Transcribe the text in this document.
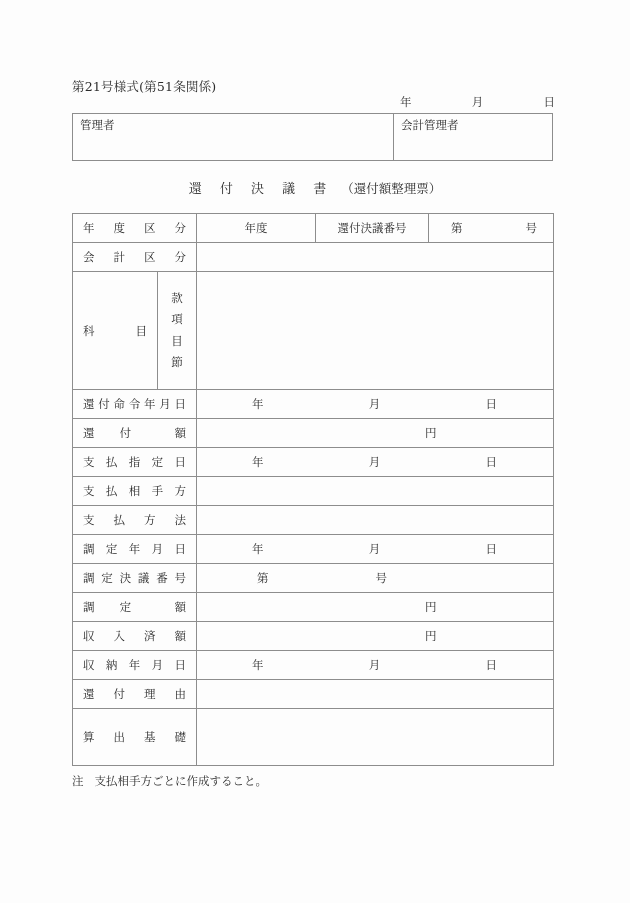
第21号様式(第51条関係)
年	月	日
管理者	会計管理者
還 付 決 議 書 （還付額整理票）
年 度 区 分		年度	還付決議番号	第 号

会 計 区 分				
科　　　目	款
項
目
節			

還 付 命 令 年 月 日		年 月 日		

還　付　　額		円		

支 払 指 定 日		年 月 日		

支 払 相 手 方				
支 払 方 法				
調 定 年 月 日		年 月 日		

調 定 決 議 番 号		第 号		

調　定　　額		円		

収 入 済 額		円		

収 納 年 月 日		年 月 日		

還 付 理 由				
算 出 基 礎				
注 支払相手方ごとに作成すること。
